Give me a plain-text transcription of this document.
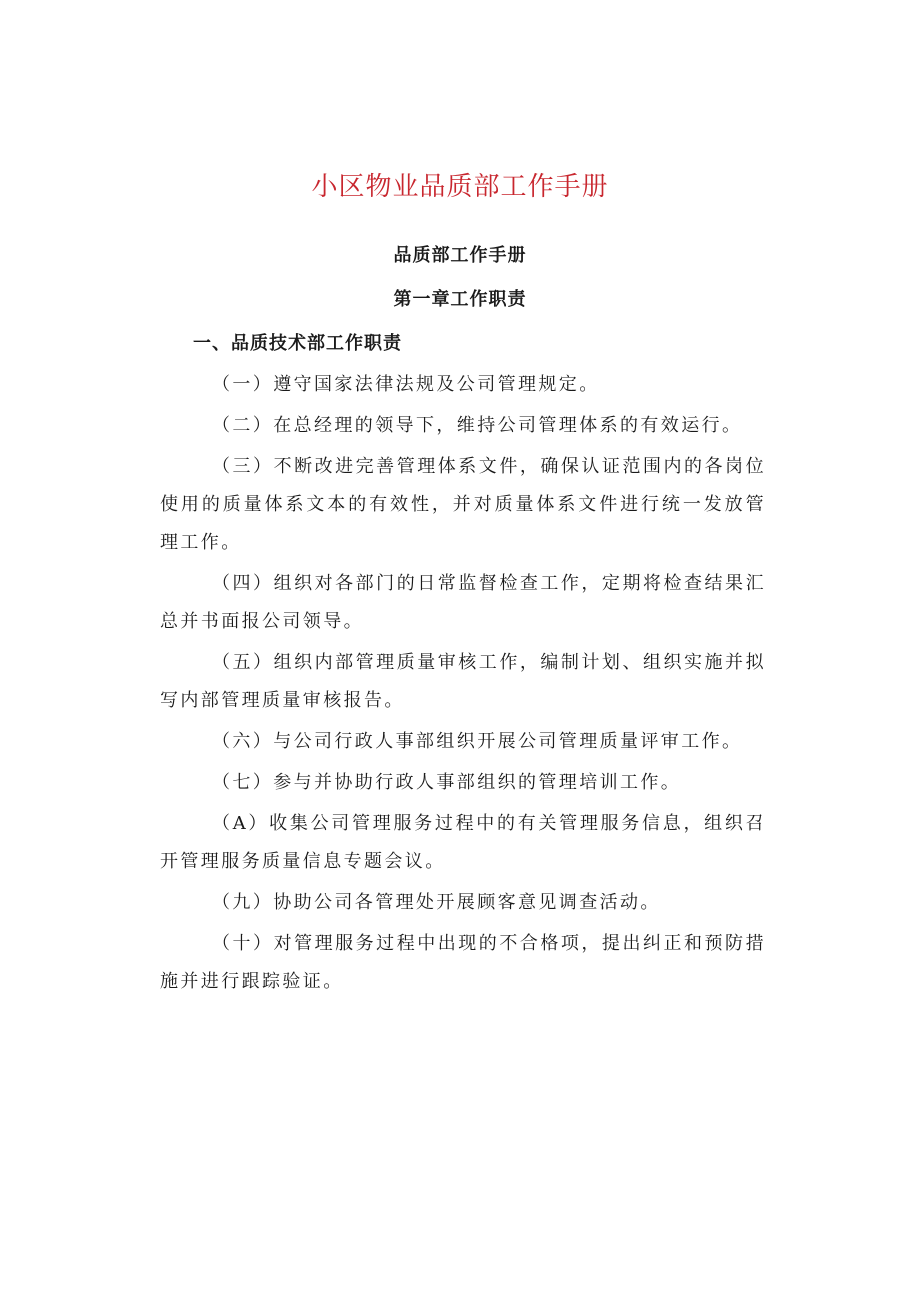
小区物业品质部工作手册
品质部工作手册
第一章工作职责
一、品质技术部工作职责
（一）遵守国家法律法规及公司管理规定。
（二）在总经理的领导下，维持公司管理体系的有效运行。
（三）不断改进完善管理体系文件，确保认证范围内的各岗位使用的质量体系文本的有效性，并对质量体系文件进行统一发放管理工作。
（四）组织对各部门的日常监督检查工作，定期将检查结果汇总并书面报公司领导。
（五）组织内部管理质量审核工作，编制计划、组织实施并拟写内部管理质量审核报告。
（六）与公司行政人事部组织开展公司管理质量评审工作。
（七）参与并协助行政人事部组织的管理培训工作。
（A）收集公司管理服务过程中的有关管理服务信息，组织召开管理服务质量信息专题会议。
（九）协助公司各管理处开展顾客意见调查活动。
（十）对管理服务过程中出现的不合格项，提出纠正和预防措施并进行跟踪验证。
